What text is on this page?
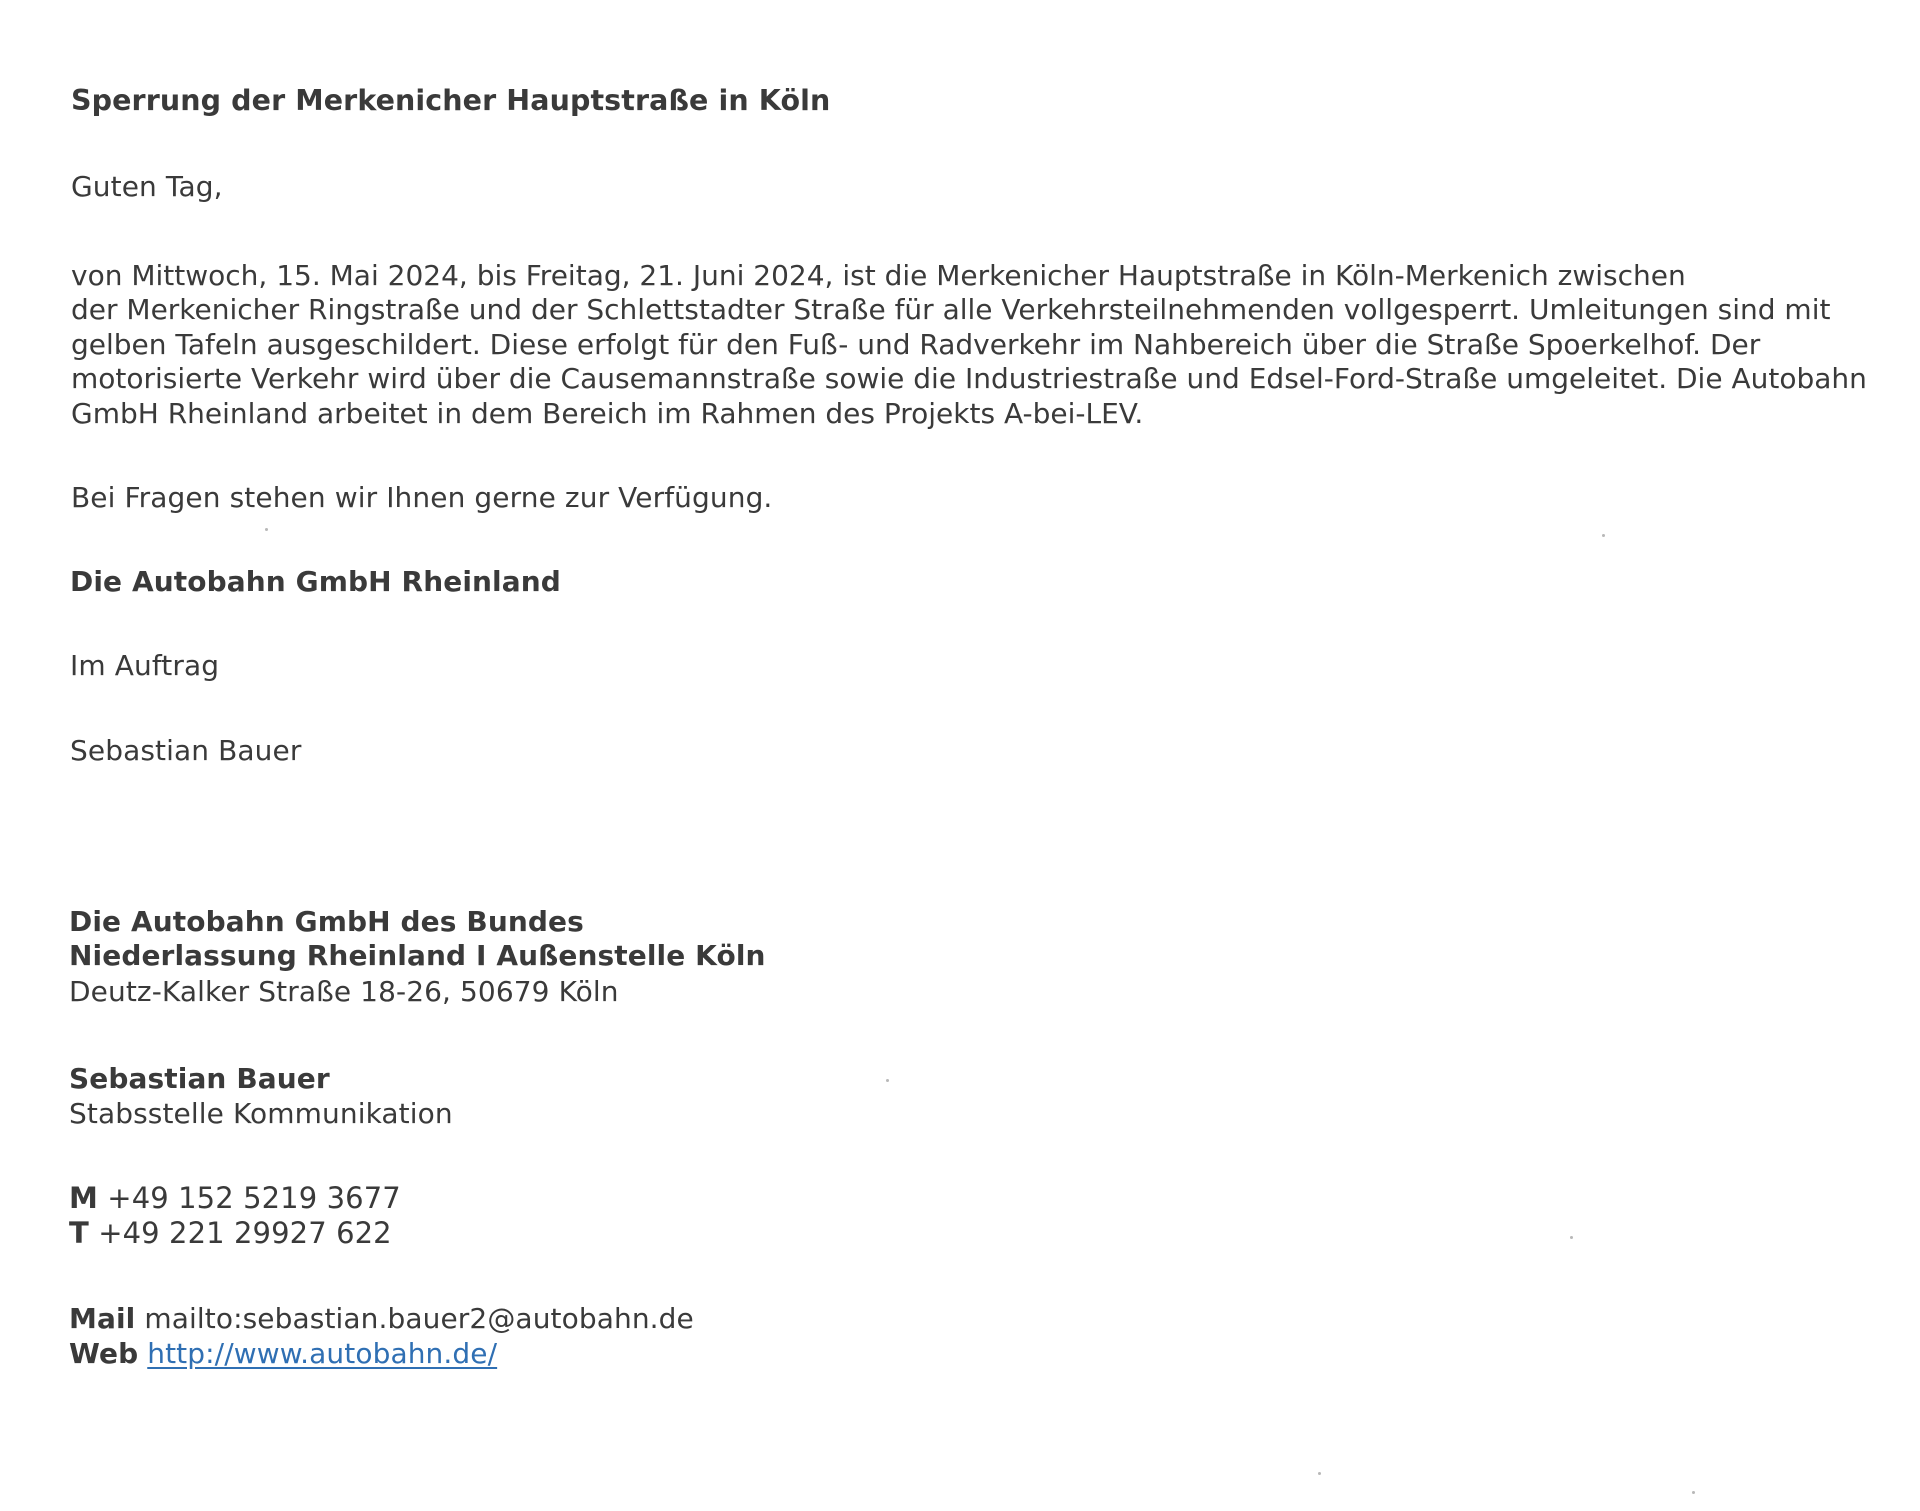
Sperrung der Merkenicher Hauptstraße in Köln
Guten Tag,
von Mittwoch, 15. Mai 2024, bis Freitag, 21. Juni 2024, ist die Merkenicher Hauptstraße in Köln-Merkenich zwischen
der Merkenicher Ringstraße und der Schlettstadter Straße für alle Verkehrsteilnehmenden vollgesperrt. Umleitungen sind mit
gelben Tafeln ausgeschildert. Diese erfolgt für den Fuß- und Radverkehr im Nahbereich über die Straße Spoerkelhof. Der
motorisierte Verkehr wird über die Causemannstraße sowie die Industriestraße und Edsel-Ford-Straße umgeleitet. Die Autobahn
GmbH Rheinland arbeitet in dem Bereich im Rahmen des Projekts A-bei-LEV.
Bei Fragen stehen wir Ihnen gerne zur Verfügung.
Die Autobahn GmbH Rheinland
Im Auftrag
Sebastian Bauer
Die Autobahn GmbH des Bundes
Niederlassung Rheinland I Außenstelle Köln
Deutz-Kalker Straße 18-26, 50679 Köln
Sebastian Bauer
Stabsstelle Kommunikation
M +49 152 5219 3677
T +49 221 29927 622
Mail mailto:sebastian.bauer2@autobahn.de
Web http://www.autobahn.de/
